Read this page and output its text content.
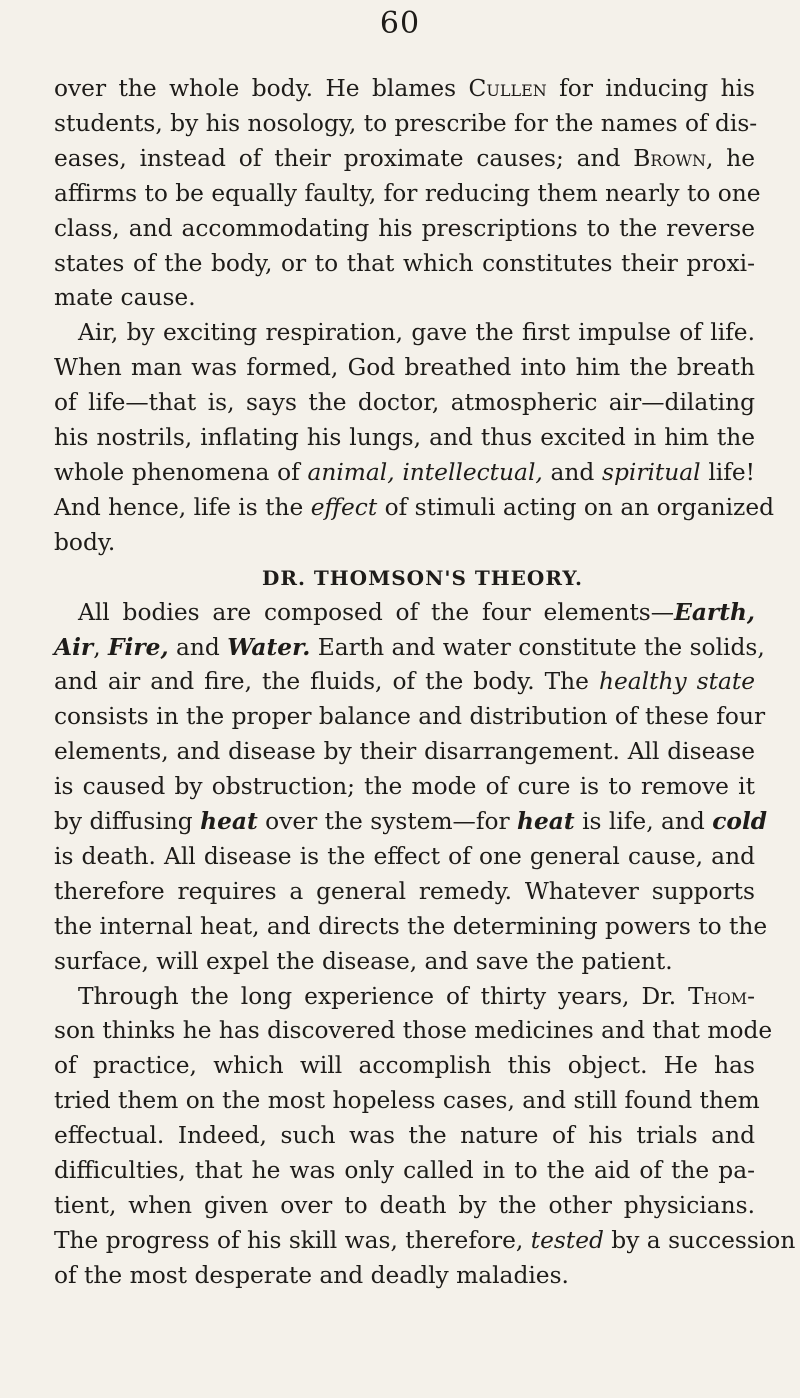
60
over the whole body. He blames Cullen for inducing his
students, by his nosology, to prescribe for the names of dis-
eases, instead of their proximate causes; and Brown, he
affirms to be equally faulty, for reducing them nearly to one
class, and accommodating his prescriptions to the reverse
states of the body, or to that which constitutes their proxi-
mate cause.
Air, by exciting respiration, gave the first impulse of life.
When man was formed, God breathed into him the breath
of life—that is, says the doctor, atmospheric air—dilating
his nostrils, inflating his lungs, and thus excited in him the
whole phenomena of animal, intellectual, and spiritual life!
And hence, life is the effect of stimuli acting on an organized
body.
DR. THOMSON'S THEORY.
All bodies are composed of the four elements—Earth,
Air, Fire, and Water. Earth and water constitute the solids,
and air and fire, the fluids, of the body. The healthy state
consists in the proper balance and distribution of these four
elements, and disease by their disarrangement. All disease
is caused by obstruction; the mode of cure is to remove it
by diffusing heat over the system—for heat is life, and cold
is death. All disease is the effect of one general cause, and
therefore requires a general remedy. Whatever supports
the internal heat, and directs the determining powers to the
surface, will expel the disease, and save the patient.
Through the long experience of thirty years, Dr. Thom-
son thinks he has discovered those medicines and that mode
of practice, which will accomplish this object. He has
tried them on the most hopeless cases, and still found them
effectual. Indeed, such was the nature of his trials and
difficulties, that he was only called in to the aid of the pa-
tient, when given over to death by the other physicians.
The progress of his skill was, therefore, tested by a succession
of the most desperate and deadly maladies.
